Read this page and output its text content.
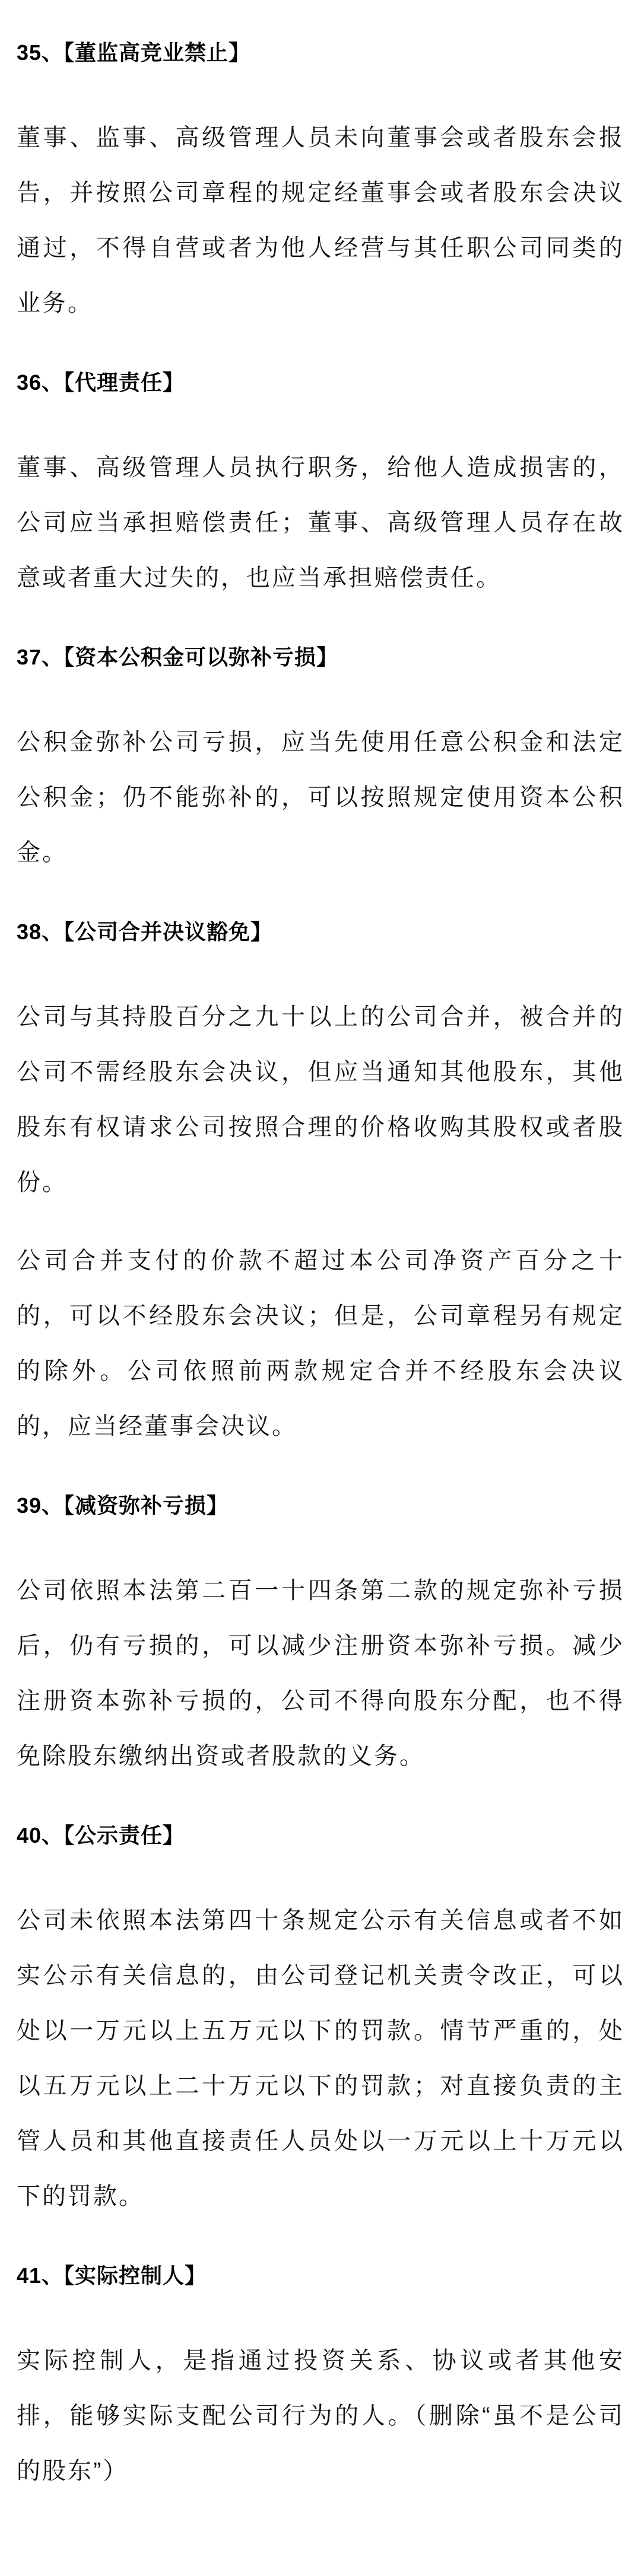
35、【董监高竞业禁止】

董事、监事、高级管理人员未向董事会或者股东会报告，并按照公司章程的规定经董事会或者股东会决议通过，不得自营或者为他人经营与其任职公司同类的业务。

36、【代理责任】

董事、高级管理人员执行职务，给他人造成损害的，公司应当承担赔偿责任；董事、高级管理人员存在故意或者重大过失的，也应当承担赔偿责任。

37、【资本公积金可以弥补亏损】

公积金弥补公司亏损，应当先使用任意公积金和法定公积金；仍不能弥补的，可以按照规定使用资本公积金。

38、【公司合并决议豁免】

公司与其持股百分之九十以上的公司合并，被合并的公司不需经股东会决议，但应当通知其他股东，其他股东有权请求公司按照合理的价格收购其股权或者股份。

公司合并支付的价款不超过本公司净资产百分之十的，可以不经股东会决议；但是，公司章程另有规定的除外。公司依照前两款规定合并不经股东会决议的，应当经董事会决议。

39、【减资弥补亏损】

公司依照本法第二百一十四条第二款的规定弥补亏损后，仍有亏损的，可以减少注册资本弥补亏损。减少注册资本弥补亏损的，公司不得向股东分配，也不得免除股东缴纳出资或者股款的义务。

40、【公示责任】

公司未依照本法第四十条规定公示有关信息或者不如实公示有关信息的，由公司登记机关责令改正，可以处以一万元以上五万元以下的罚款。情节严重的，处以五万元以上二十万元以下的罚款；对直接负责的主管人员和其他直接责任人员处以一万元以上十万元以下的罚款。

41、【实际控制人】

实际控制人，是指通过投资关系、协议或者其他安排，能够实际支配公司行为的人。（删除“虽不是公司的股东”）
